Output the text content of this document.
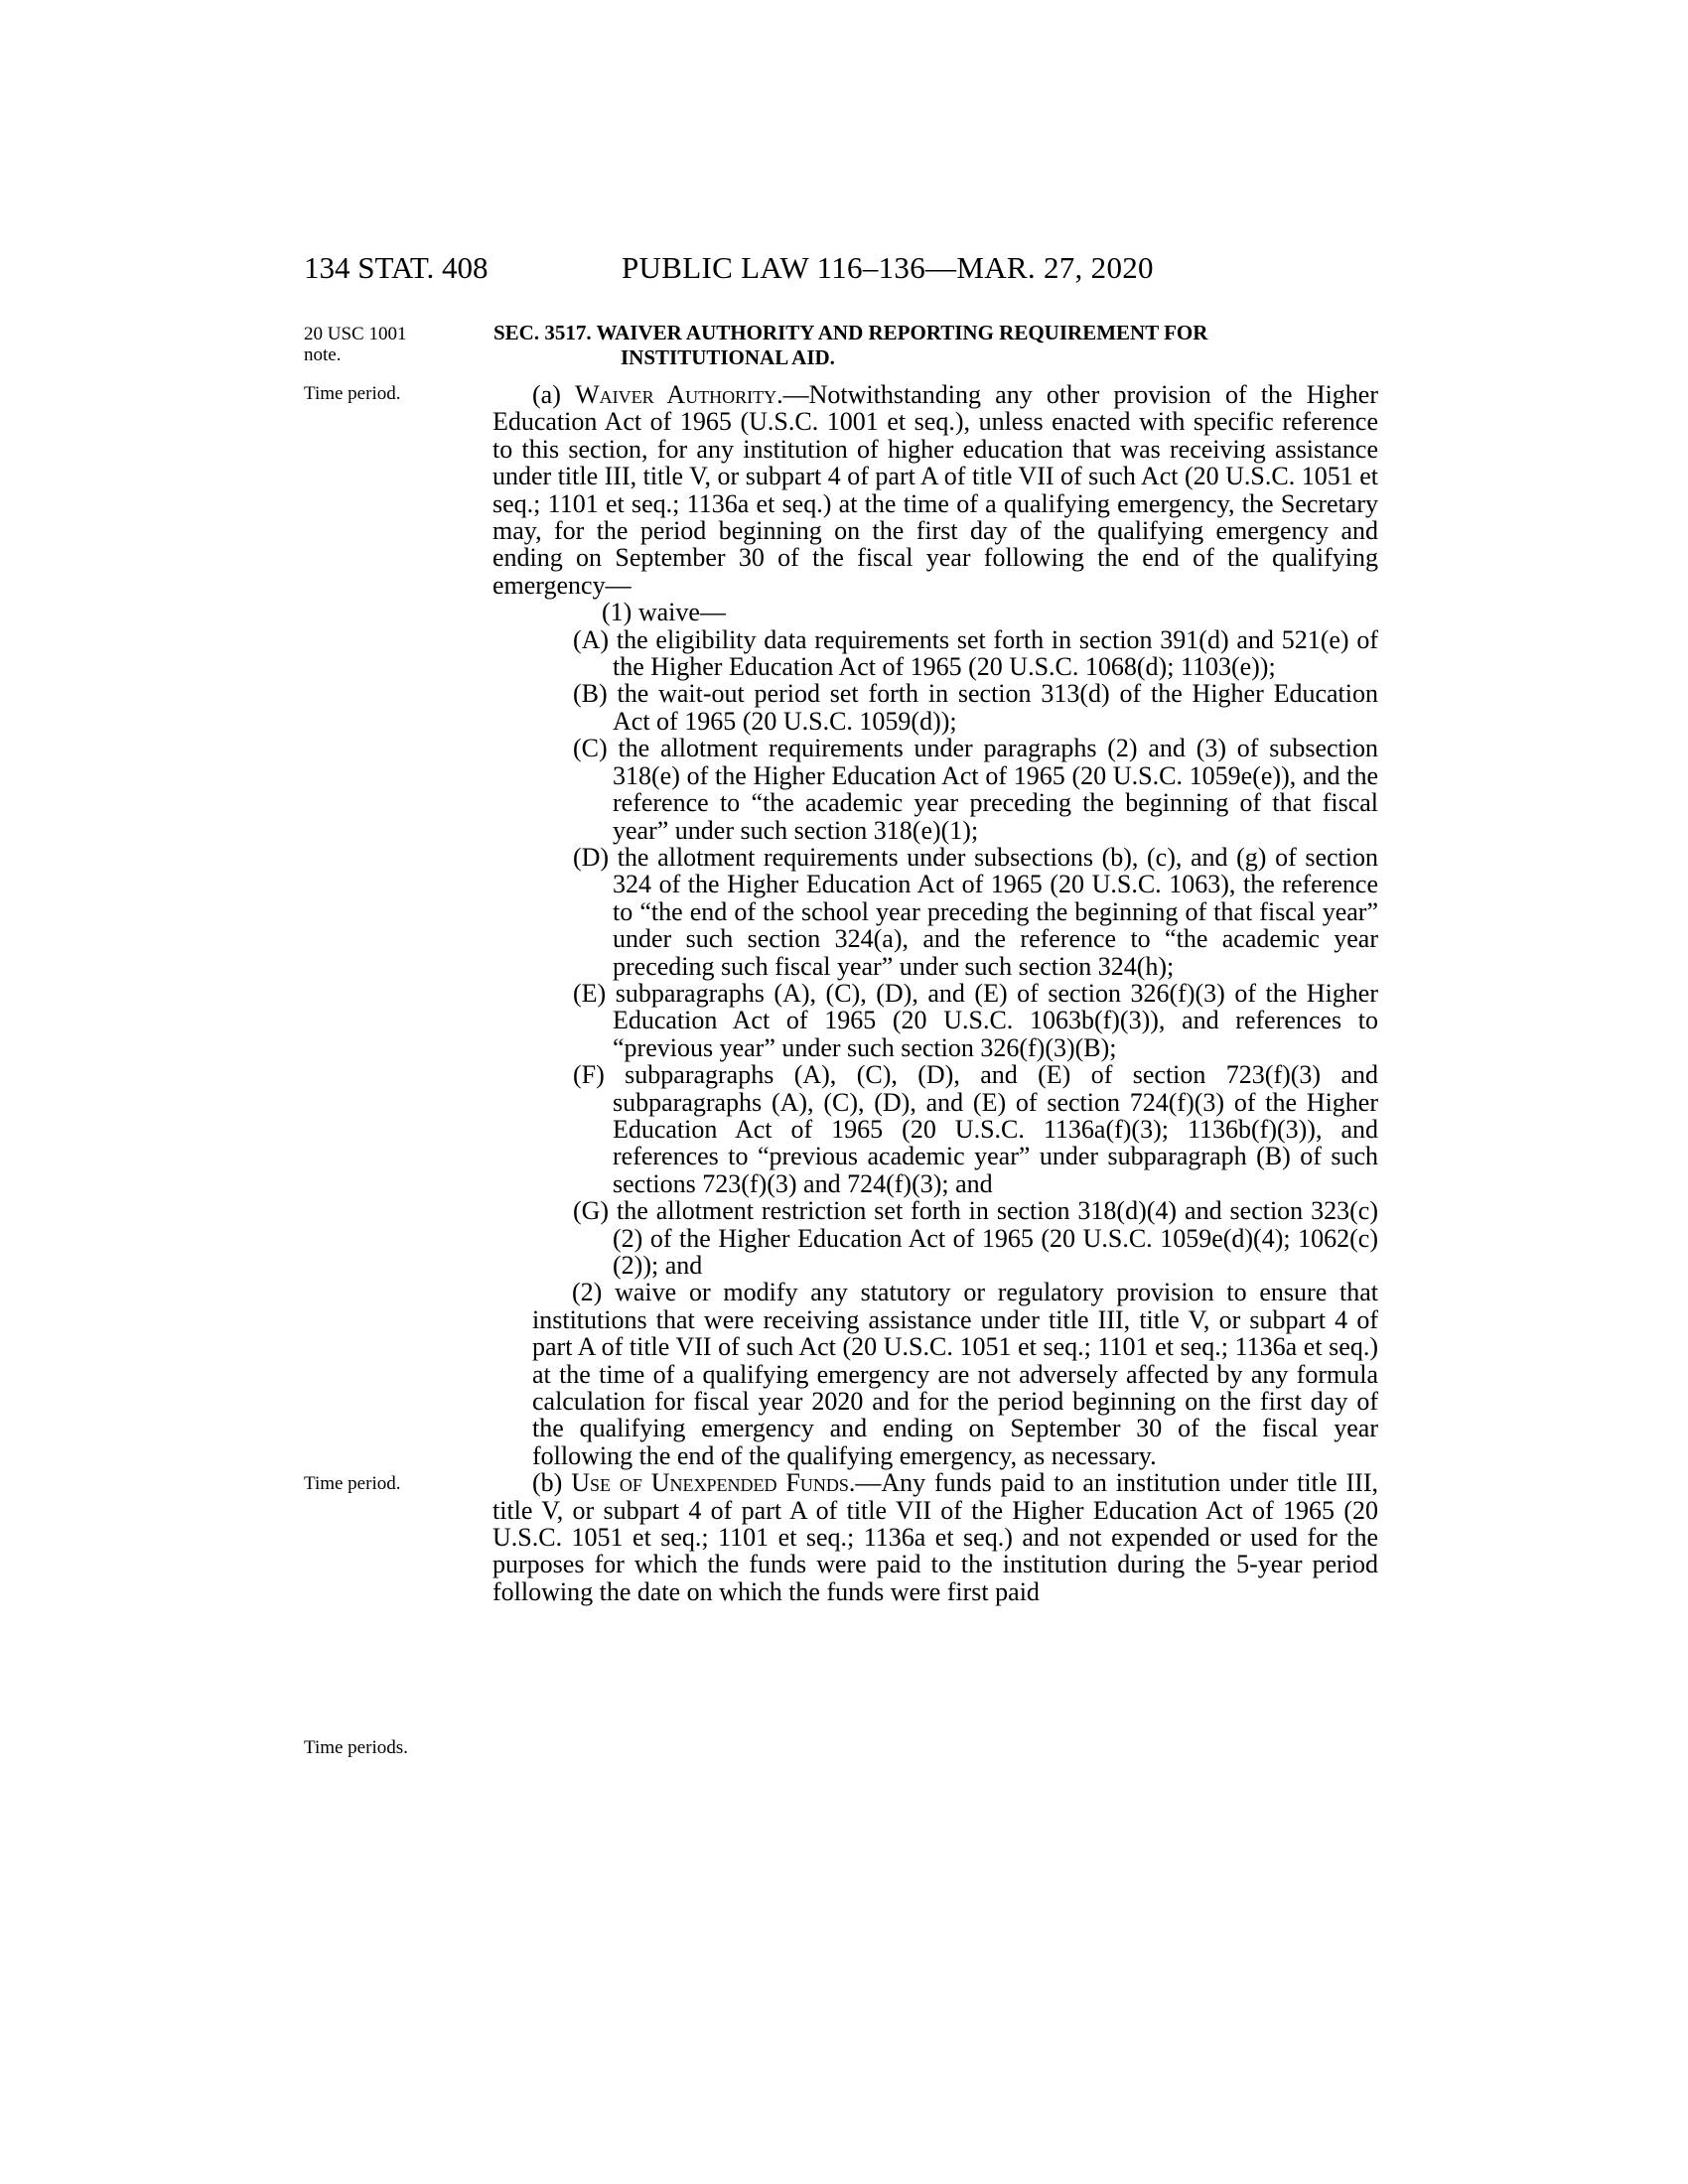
134 STAT. 408	PUBLIC LAW 116–136—MAR. 27, 2020
20 USC 1001
note.
Time period.
Time period.
Time periods.
SEC. 3517. WAIVER AUTHORITY AND REPORTING REQUIREMENT FOR
INSTITUTIONAL AID.

(a) Waiver Authority.—Notwithstanding any other provision of the Higher Education Act of 1965 (U.S.C. 1001 et seq.), unless enacted with specific reference to this section, for any institution of higher education that was receiving assistance under title III, title V, or subpart 4 of part A of title VII of such Act (20 U.S.C. 1051 et seq.; 1101 et seq.; 1136a et seq.) at the time of a qualifying emergency, the Secretary may, for the period beginning on the first day of the qualifying emergency and ending on September 30 of the fiscal year following the end of the qualifying emergency—

(1) waive—

(A) the eligibility data requirements set forth in section 391(d) and 521(e) of the Higher Education Act of 1965 (20 U.S.C. 1068(d); 1103(e));

(B) the wait-out period set forth in section 313(d) of the Higher Education Act of 1965 (20 U.S.C. 1059(d));

(C) the allotment requirements under paragraphs (2) and (3) of subsection 318(e) of the Higher Education Act of 1965 (20 U.S.C. 1059e(e)), and the reference to “the academic year preceding the beginning of that fiscal year” under such section 318(e)(1);

(D) the allotment requirements under subsections (b), (c), and (g) of section 324 of the Higher Education Act of 1965 (20 U.S.C. 1063), the reference to “the end of the school year preceding the beginning of that fiscal year” under such section 324(a), and the reference to “the academic year preceding such fiscal year” under such section 324(h);

(E) subparagraphs (A), (C), (D), and (E) of section 326(f)(3) of the Higher Education Act of 1965 (20 U.S.C. 1063b(f)(3)), and references to “previous year” under such section 326(f)(3)(B);

(F) subparagraphs (A), (C), (D), and (E) of section 723(f)(3) and subparagraphs (A), (C), (D), and (E) of section 724(f)(3) of the Higher Education Act of 1965 (20 U.S.C. 1136a(f)(3); 1136b(f)(3)), and references to “previous academic year” under subparagraph (B) of such sections 723(f)(3) and 724(f)(3); and

(G) the allotment restriction set forth in section 318(d)(4) and section 323(c)(2) of the Higher Education Act of 1965 (20 U.S.C. 1059e(d)(4); 1062(c)(2)); and

(2) waive or modify any statutory or regulatory provision to ensure that institutions that were receiving assistance under title III, title V, or subpart 4 of part A of title VII of such Act (20 U.S.C. 1051 et seq.; 1101 et seq.; 1136a et seq.) at the time of a qualifying emergency are not adversely affected by any formula calculation for fiscal year 2020 and for the period beginning on the first day of the qualifying emergency and ending on September 30 of the fiscal year following the end of the qualifying emergency, as necessary.

(b) Use of Unexpended Funds.—Any funds paid to an institution under title III, title V, or subpart 4 of part A of title VII of the Higher Education Act of 1965 (20 U.S.C. 1051 et seq.; 1101 et seq.; 1136a et seq.) and not expended or used for the purposes for which the funds were paid to the institution during the 5-year period following the date on which the funds were first paid
